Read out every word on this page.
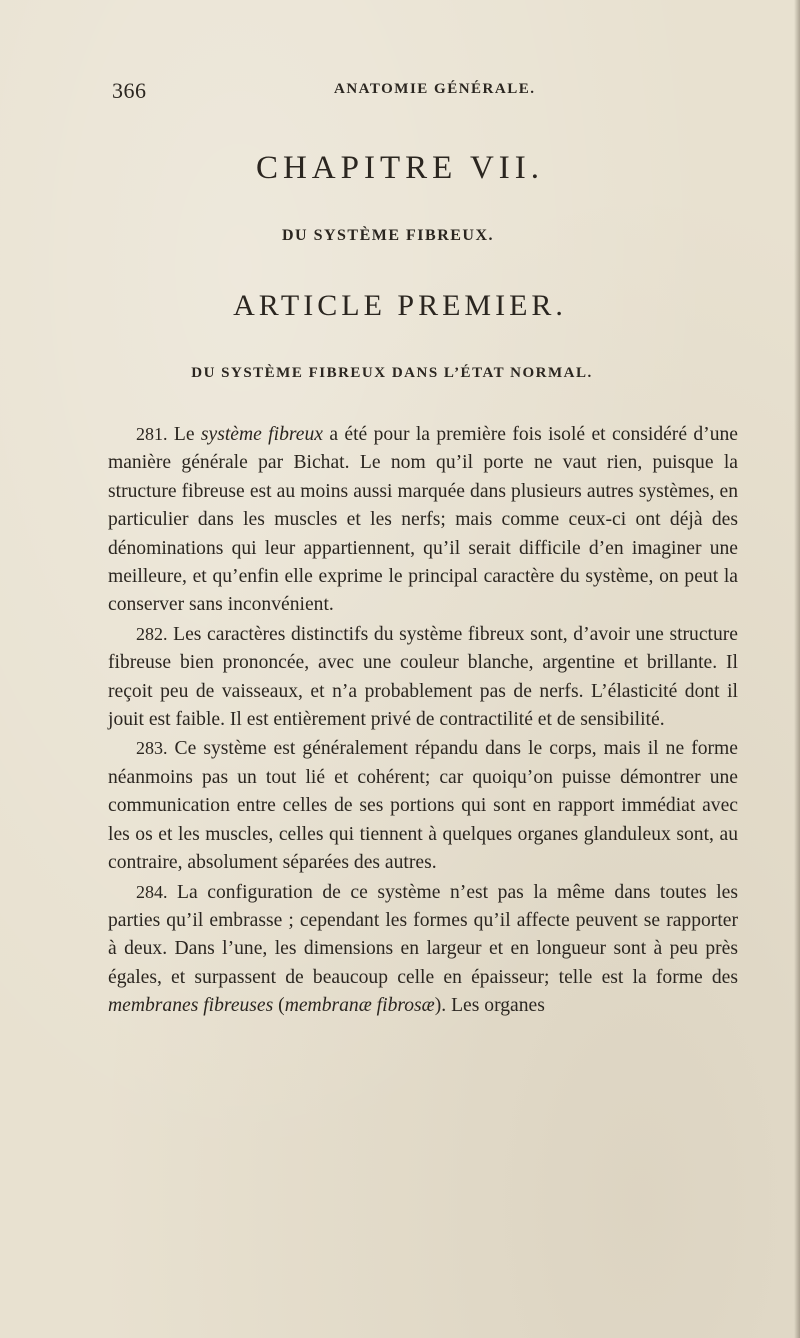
366	ANATOMIE GÉNÉRALE.
CHAPITRE VII.
DU SYSTÈME FIBREUX.
ARTICLE PREMIER.
DU SYSTÈME FIBREUX DANS L’ÉTAT NORMAL.

281. Le système fibreux a été pour la première fois isolé et considéré d’une manière générale par Bichat. Le nom qu’il porte ne vaut rien, puisque la structure fibreuse est au moins aussi marquée dans plusieurs autres systèmes, en particulier dans les muscles et les nerfs; mais comme ceux-ci ont déjà des dénominations qui leur appartiennent, qu’il serait difficile d’en imaginer une meilleure, et qu’enfin elle exprime le principal caractère du système, on peut la conserver sans inconvénient.

282. Les caractères distinctifs du système fibreux sont, d’avoir une structure fibreuse bien prononcée, avec une couleur blanche, argentine et brillante. Il reçoit peu de vaisseaux, et n’a probablement pas de nerfs. L’élasticité dont il jouit est faible. Il est entièrement privé de contractilité et de sensibilité.

283. Ce système est généralement répandu dans le corps, mais il ne forme néanmoins pas un tout lié et cohérent; car quoiqu’on puisse démontrer une communication entre celles de ses portions qui sont en rapport immédiat avec les os et les muscles, celles qui tiennent à quelques organes glanduleux sont, au contraire, absolument séparées des autres.

284. La configuration de ce système n’est pas la même dans toutes les parties qu’il embrasse ; cependant les formes qu’il affecte peuvent se rapporter à deux. Dans l’une, les dimensions en largeur et en longueur sont à peu près égales, et surpassent de beaucoup celle en épaisseur; telle est la forme des membranes fibreuses (membranæ fibrosæ). Les organes
